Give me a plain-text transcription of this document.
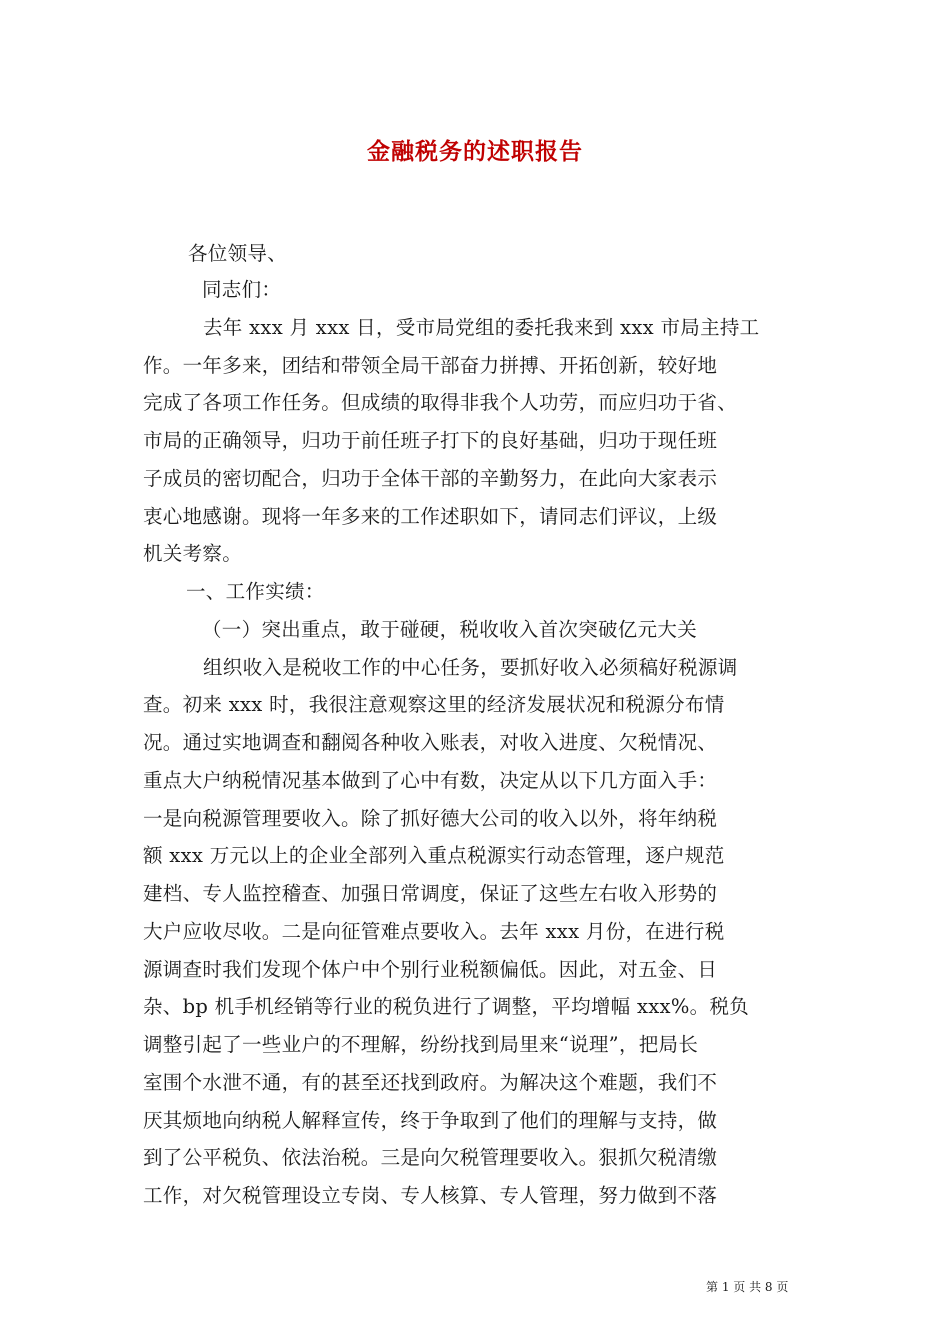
金融税务的述职报告
各位领导、
同志们：
去年 xxx 月 xxx 日，受市局党组的委托我来到 xxx 市局主持工
作。一年多来，团结和带领全局干部奋力拼搏、开拓创新，较好地
完成了各项工作任务。但成绩的取得非我个人功劳，而应归功于省、
市局的正确领导，归功于前任班子打下的良好基础，归功于现任班
子成员的密切配合，归功于全体干部的辛勤努力，在此向大家表示
衷心地感谢。现将一年多来的工作述职如下，请同志们评议，上级
机关考察。
一、工作实绩：
（一）突出重点，敢于碰硬，税收收入首次突破亿元大关
组织收入是税收工作的中心任务，要抓好收入必须稿好税源调
查。初来 xxx 时，我很注意观察这里的经济发展状况和税源分布情
况。通过实地调查和翻阅各种收入账表，对收入进度、欠税情况、
重点大户纳税情况基本做到了心中有数，决定从以下几方面入手：
一是向税源管理要收入。除了抓好德大公司的收入以外，将年纳税
额 xxx 万元以上的企业全部列入重点税源实行动态管理，逐户规范
建档、专人监控稽查、加强日常调度，保证了这些左右收入形势的
大户应收尽收。二是向征管难点要收入。去年 xxx 月份，在进行税
源调查时我们发现个体户中个别行业税额偏低。因此，对五金、日
杂、bp 机手机经销等行业的税负进行了调整，平均增幅 xxx%。税负
调整引起了一些业户的不理解，纷纷找到局里来“说理”，把局长
室围个水泄不通，有的甚至还找到政府。为解决这个难题，我们不
厌其烦地向纳税人解释宣传，终于争取到了他们的理解与支持，做
到了公平税负、依法治税。三是向欠税管理要收入。狠抓欠税清缴
工作，对欠税管理设立专岗、专人核算、专人管理，努力做到不落
第 1 页 共 8 页
